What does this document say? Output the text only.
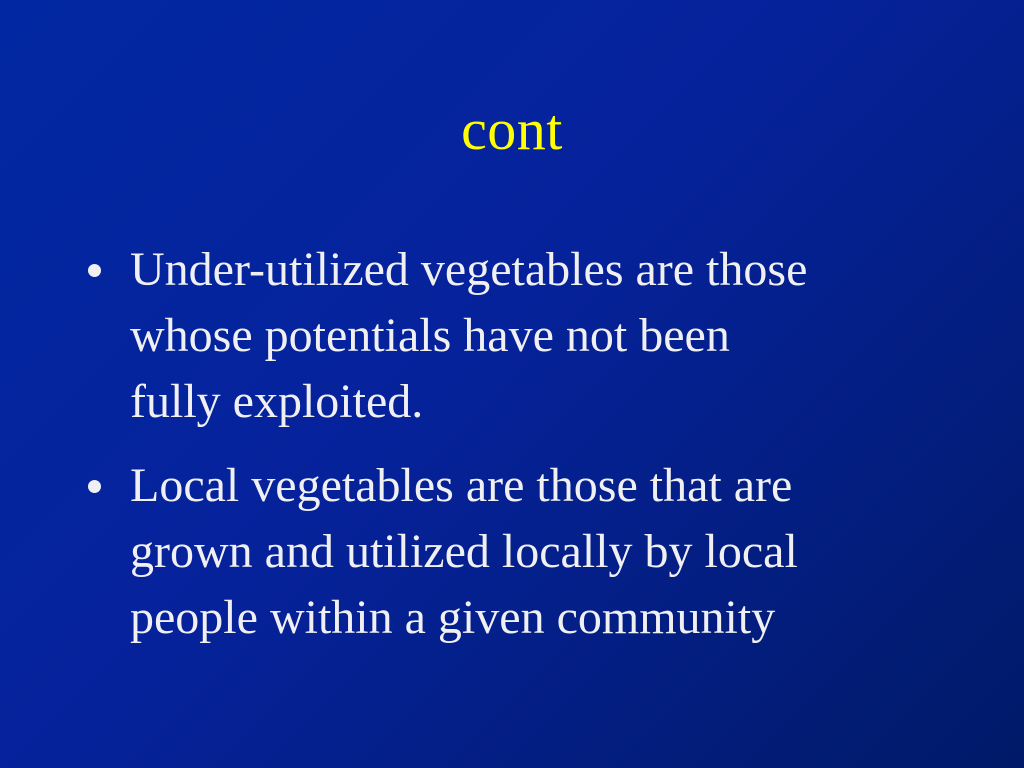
cont
Under-utilized vegetables are those
whose potentials have not been
fully exploited.
Local vegetables are those that are
grown and utilized locally by local
people within a given community
